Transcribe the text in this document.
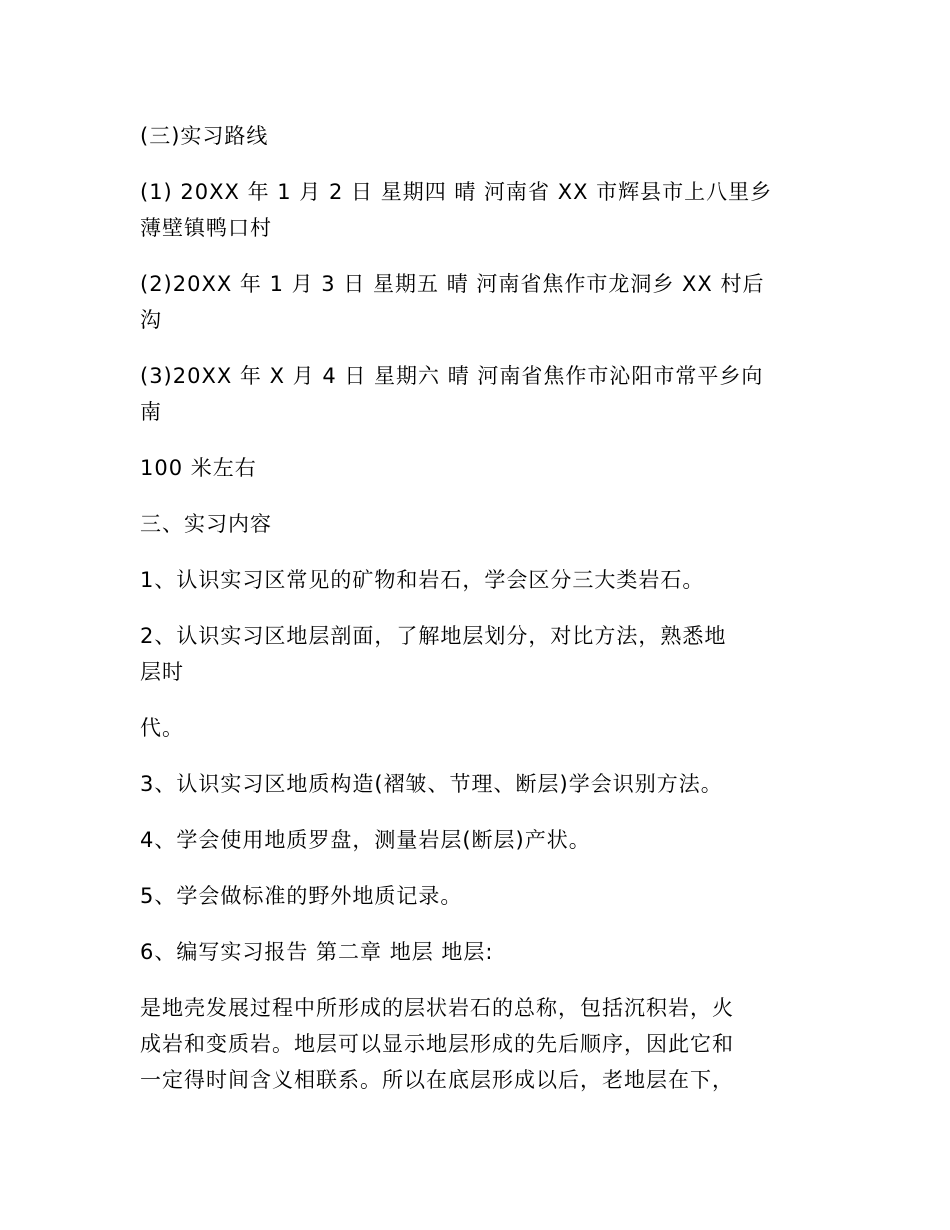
(三)实习路线

(1) 20XX 年 1 月 2 日 星期四 晴 河南省 XX 市辉县市上八里乡
薄壁镇鸭口村

(2)20XX 年 1 月 3 日 星期五 晴 河南省焦作市龙洞乡 XX 村后
沟

(3)20XX 年 X 月 4 日 星期六 晴 河南省焦作市沁阳市常平乡向
南

100 米左右

三、实习内容

1、认识实习区常见的矿物和岩石，学会区分三大类岩石。

2、认识实习区地层剖面，了解地层划分，对比方法，熟悉地
层时

代。

3、认识实习区地质构造(褶皱、节理、断层)学会识别方法。

4、学会使用地质罗盘，测量岩层(断层)产状。

5、学会做标准的野外地质记录。

6、编写实习报告 第二章 地层 地层:

是地壳发展过程中所形成的层状岩石的总称，包括沉积岩，火
成岩和变质岩。地层可以显示地层形成的先后顺序，因此它和
一定得时间含义相联系。所以在底层形成以后，老地层在下，
